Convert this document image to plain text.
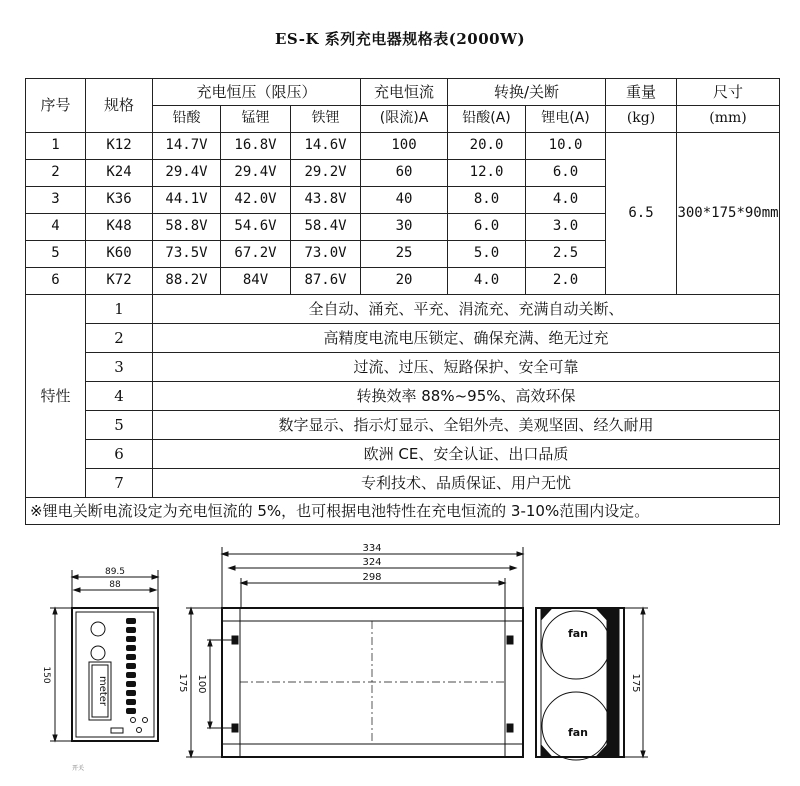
ES-K 系列充电器规格表(2000W)
序号	规格	充电恒压（限压）			充电恒流	转换/关断		重量	尺寸
		铅酸	锰锂	铁锂	(限流)A	铅酸(A)	锂电(A)	(kg)	(mm)
1	K12	14.7V	16.8V	14.6V	100	20.0	10.0	6.5	300*175*90mm
2	K24	29.4V	29.4V	29.2V	60	12.0	6.0		
3	K36	44.1V	42.0V	43.8V	40	8.0	4.0		
4	K48	58.8V	54.6V	58.4V	30	6.0	3.0		
5	K60	73.5V	67.2V	73.0V	25	5.0	2.5		
6	K72	88.2V	84V	87.6V	20	4.0	2.0		
特性	1	全自动、涌充、平充、涓流充、充满自动关断、							
	2	高精度电流电压锁定、确保充满、绝无过充							
	3	过流、过压、短路保护、安全可靠							
	4	转换效率 88%~95%、高效环保							
	5	数字显示、指示灯显示、全铝外壳、美观坚固、经久耐用							
	6	欧洲 CE、安全认证、出口品质							
	7	专利技术、品质保证、用户无忧							
※锂电关断电流设定为充电恒流的 5%，也可根据电池特性在充电恒流的 3-10%范围内设定。									
89.5
88
150
meter
开关
334
324
298
175 100
fan
fan
175
